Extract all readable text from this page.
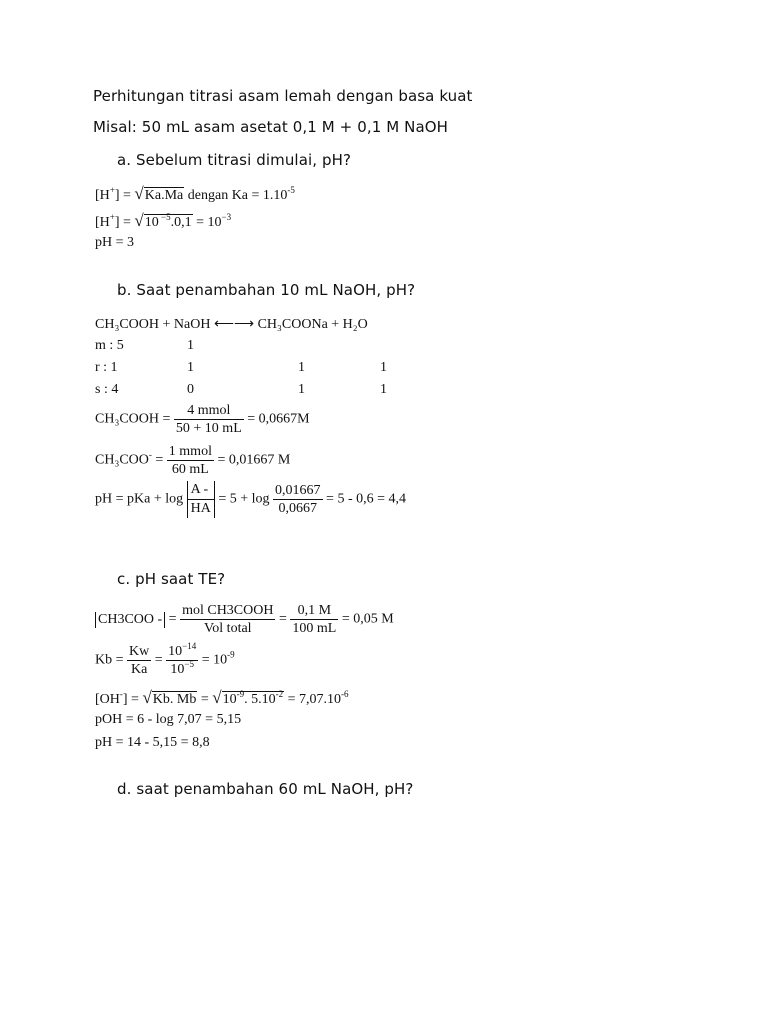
Perhitungan titrasi asam lemah dengan basa kuat
Misal: 50 mL asam asetat 0,1 M + 0,1 M NaOH
a. Sebelum titrasi dimulai, pH?
[H+] = √Ka.Ma dengan $Ka = 1.10^{-5}$
[H+] = √10 $^{-5}.0,1 = 10^{-3}$
pH = 3
b. Saat penambahan 10 mL NaOH, pH?
CH₃COOH + NaOH ⟵⟶ CH₃COONa + H₂O
m : 5	1
r : 1	1	1	1
s : 4	0	1	1
CH₃COOH = $\frac{\text{4 mmol}}{50 + 10 mL} = 0,0667M$
$CH_3COO^- = \frac{\text{1 mmol}}{60 mL} = 0,01667$ M
pH = pKa + $\log \frac{A -}{HA} = 5 + \log \frac{0,01667}{0,0667} = 5 - 0,6 = 4,4$
c. pH saat TE?
CH3COO - = $\frac{\text{mol CH3COOH}}{\text{Vol total}} = \frac{0,1 M}{100 mL} = 0,05$ M
$Kb = \frac{Kw}{Ka} = \frac{10^{-14}}{10^{-5}} = 10^{-9}$
[OH-] = √Kb. $Mb = √10^{-9}$. $5.10^{-2} = 7,07.10^{-6}$
pOH = 6 - log 7,07 = 5,15
pH = 14 - 5,15 = 8,8
d. saat penambahan 60 mL NaOH, pH?
